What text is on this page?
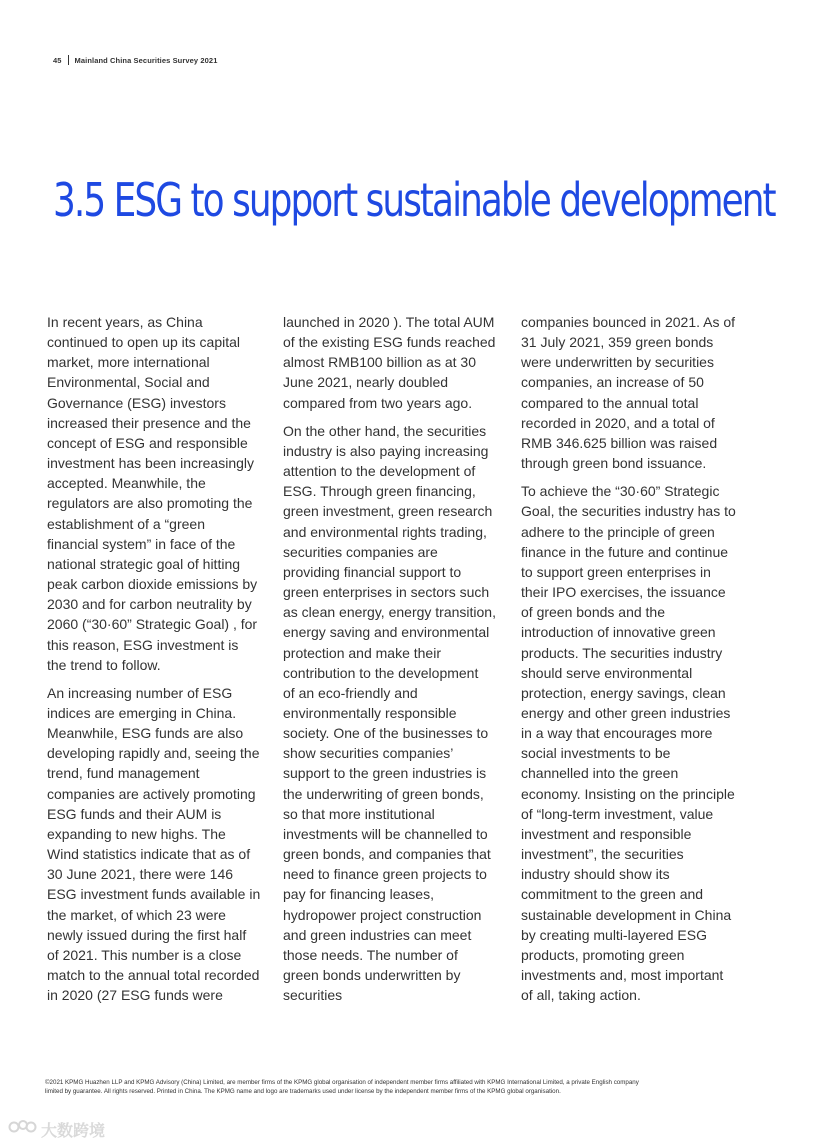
45 Mainland China Securities Survey 2021
3.5 ESG to support sustainable development

In recent years, as China
continued to open up its capital
market, more international
Environmental, Social and
Governance (ESG) investors
increased their presence and the
concept of ESG and responsible
investment has been increasingly
accepted. Meanwhile, the
regulators are also promoting the
establishment of a “green
financial system” in face of the
national strategic goal of hitting
peak carbon dioxide emissions by
2030 and for carbon neutrality by
2060 (“30·60” Strategic Goal) , for
this reason, ESG investment is
the trend to follow.

An increasing number of ESG
indices are emerging in China.
Meanwhile, ESG funds are also
developing rapidly and, seeing the
trend, fund management
companies are actively promoting
ESG funds and their AUM is
expanding to new highs. The
Wind statistics indicate that as of
30 June 2021, there were 146
ESG investment funds available in
the market, of which 23 were
newly issued during the first half
of 2021. This number is a close
match to the annual total recorded
in 2020 (27 ESG funds were

launched in 2020 ). The total AUM
of the existing ESG funds reached
almost RMB100 billion as at 30
June 2021, nearly doubled
compared from two years ago.

On the other hand, the securities
industry is also paying increasing
attention to the development of
ESG. Through green financing,
green investment, green research
and environmental rights trading,
securities companies are
providing financial support to
green enterprises in sectors such
as clean energy, energy transition,
energy saving and environmental
protection and make their
contribution to the development
of an eco-friendly and
environmentally responsible
society. One of the businesses to
show securities companies’
support to the green industries is
the underwriting of green bonds,
so that more institutional
investments will be channelled to
green bonds, and companies that
need to finance green projects to
pay for financing leases,
hydropower project construction
and green industries can meet
those needs. The number of
green bonds underwritten by
securities

companies bounced in 2021. As of
31 July 2021, 359 green bonds
were underwritten by securities
companies, an increase of 50
compared to the annual total
recorded in 2020, and a total of
RMB 346.625 billion was raised
through green bond issuance.

To achieve the “30·60” Strategic
Goal, the securities industry has to
adhere to the principle of green
finance in the future and continue
to support green enterprises in
their IPO exercises, the issuance
of green bonds and the
introduction of innovative green
products. The securities industry
should serve environmental
protection, energy savings, clean
energy and other green industries
in a way that encourages more
social investments to be
channelled into the green
economy. Insisting on the principle
of “long-term investment, value
investment and responsible
investment”, the securities
industry should show its
commitment to the green and
sustainable development in China
by creating multi-layered ESG
products, promoting green
investments and, most important
of all, taking action.

©2021 KPMG Huazhen LLP and KPMG Advisory (China) Limited, are member firms of the KPMG global organisation of independent member firms affiliated with KPMG International Limited, a private English company
limited by guarantee. All rights reserved. Printed in China. The KPMG name and logo are trademarks used under license by the independent member firms of the KPMG global organisation.
大数跨境
